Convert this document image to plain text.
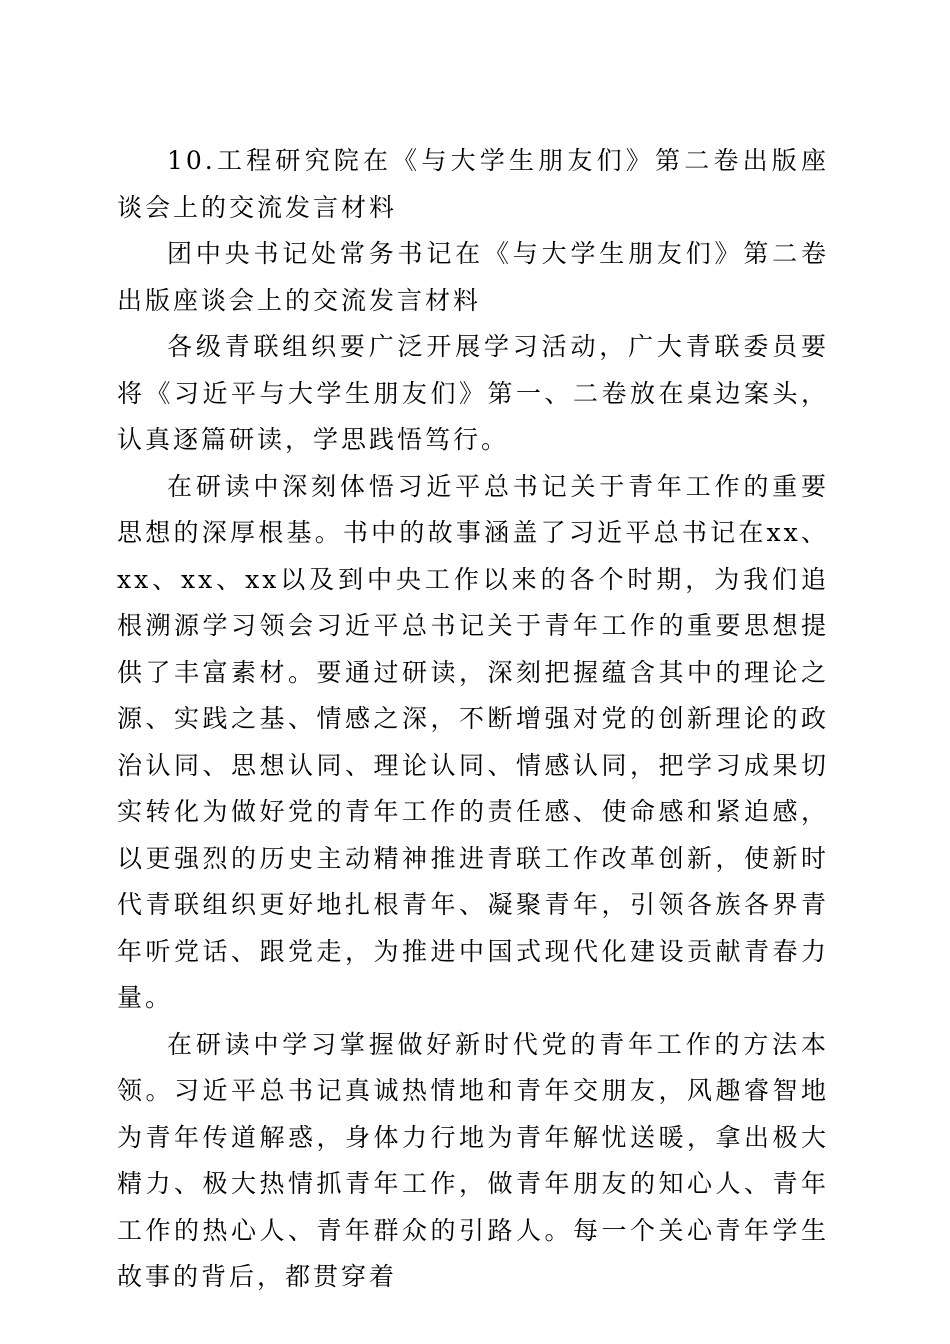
10.工程研究院在《与大学生朋友们》第二卷出版座谈会上的交流发言材料

团中央书记处常务书记在《与大学生朋友们》第二卷出版座谈会上的交流发言材料

各级青联组织要广泛开展学习活动，广大青联委员要将《习近平与大学生朋友们》第一、二卷放在桌边案头，认真逐篇研读，学思践悟笃行。

在研读中深刻体悟习近平总书记关于青年工作的重要思想的深厚根基。书中的故事涵盖了习近平总书记在xx、xx、xx、xx以及到中央工作以来的各个时期，为我们追根溯源学习领会习近平总书记关于青年工作的重要思想提供了丰富素材。要通过研读，深刻把握蕴含其中的理论之源、实践之基、情感之深，不断增强对党的创新理论的政治认同、思想认同、理论认同、情感认同，把学习成果切实转化为做好党的青年工作的责任感、使命感和紧迫感，以更强烈的历史主动精神推进青联工作改革创新，使新时代青联组织更好地扎根青年、凝聚青年，引领各族各界青年听党话、跟党走，为推进中国式现代化建设贡献青春力量。

在研读中学习掌握做好新时代党的青年工作的方法本领。习近平总书记真诚热情地和青年交朋友，风趣睿智地为青年传道解惑，身体力行地为青年解忧送暖，拿出极大精力、极大热情抓青年工作，做青年朋友的知心人、青年工作的热心人、青年群众的引路人。每一个关心青年学生故事的背后，都贯穿着
